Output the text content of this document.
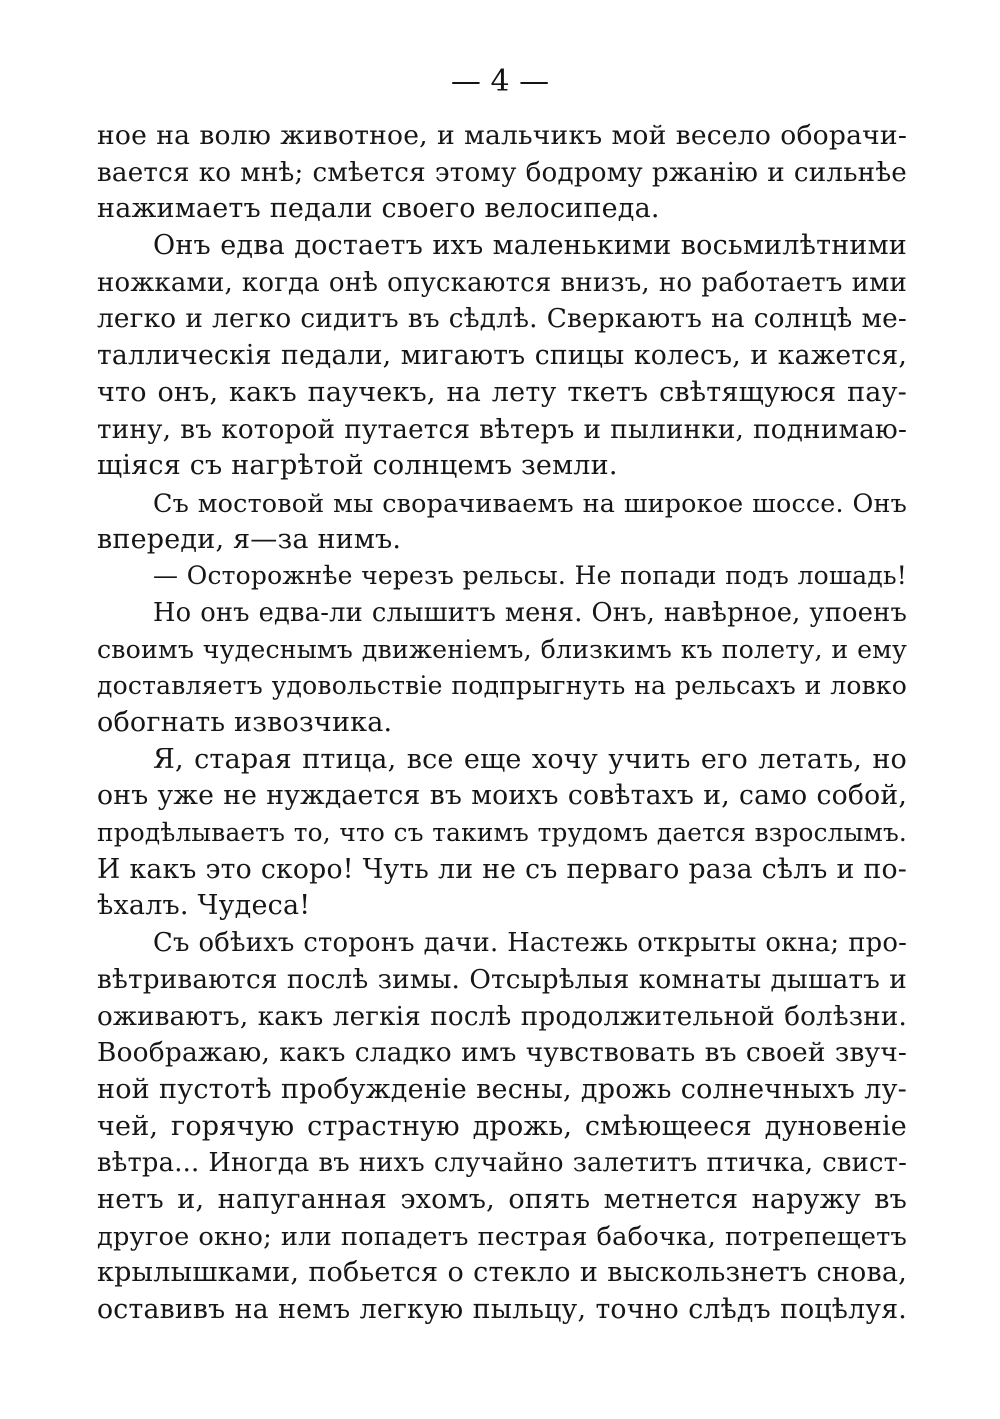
— 4 —
ное на волю животное, и мальчикъ мой весело оборачи-
вается ко мнѣ; смѣется этому бодрому ржанію и сильнѣе
нажимаетъ педали своего велосипеда.
Онъ едва достаетъ ихъ маленькими восьмилѣтними
ножками, когда онѣ опускаются внизъ, но работаетъ ими
легко и легко сидитъ въ сѣдлѣ. Сверкаютъ на солнцѣ ме-
таллическія педали, мигаютъ спицы колесъ, и кажется,
что онъ, какъ паучекъ, на лету ткетъ свѣтящуюся пау-
тину, въ которой путается вѣтеръ и пылинки, поднимаю-
щіяся съ нагрѣтой солнцемъ земли.
Съ мостовой мы сворачиваемъ на широкое шоссе. Онъ
впереди, я—за нимъ.
— Осторожнѣе черезъ рельсы. Не попади подъ лошадь!
Но онъ едва-ли слышитъ меня. Онъ, навѣрное, упоенъ
своимъ чудеснымъ движеніемъ, близкимъ къ полету, и ему
доставляетъ удовольствіе подпрыгнуть на рельсахъ и ловко
обогнать извозчика.
Я, старая птица, все еще хочу учить его летать, но
онъ уже не нуждается въ моихъ совѣтахъ и, само собой,
продѣлываетъ то, что съ такимъ трудомъ дается взрослымъ.
И какъ это скоро! Чуть ли не съ перваго раза сѣлъ и по-
ѣхалъ. Чудеса!
Съ обѣихъ сторонъ дачи. Настежь открыты окна; про-
вѣтриваются послѣ зимы. Отсырѣлыя комнаты дышатъ и
оживаютъ, какъ легкія послѣ продолжительной болѣзни.
Воображаю, какъ сладко имъ чувствовать въ своей звуч-
ной пустотѣ пробужденіе весны, дрожь солнечныхъ лу-
чей, горячую страстную дрожь, смѣющееся дуновеніе
вѣтра... Иногда въ нихъ случайно залетитъ птичка, свист-
нетъ и, напуганная эхомъ, опять метнется наружу въ
другое окно; или попадетъ пестрая бабочка, потрепещетъ
крылышками, побьется о стекло и выскользнетъ снова,
оставивъ на немъ легкую пыльцу, точно слѣдъ поцѣлуя.
